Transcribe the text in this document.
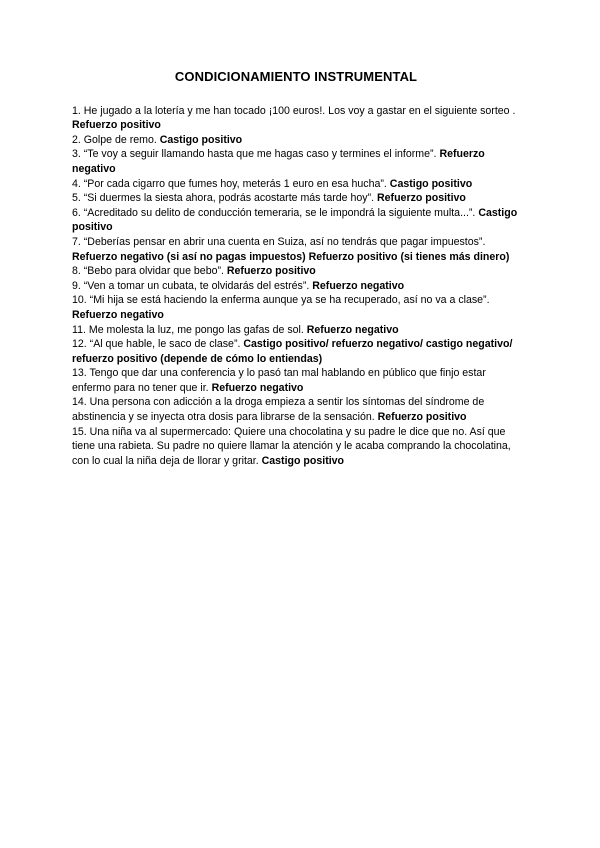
CONDICIONAMIENTO INSTRUMENTAL

1. He jugado a la lotería y me han tocado ¡100 euros!. Los voy a gastar en el siguiente sorteo . Refuerzo positivo

2. Golpe de remo. Castigo positivo

3. “Te voy a seguir llamando hasta que me hagas caso y termines el informe”. Refuerzo negativo

4. “Por cada cigarro que fumes hoy, meterás 1 euro en esa hucha”. Castigo positivo

5. “Si duermes la siesta ahora, podrás acostarte más tarde hoy”. Refuerzo positivo

6. “Acreditado su delito de conducción temeraria, se le impondrá la siguiente multa...”. Castigo positivo

7. “Deberías pensar en abrir una cuenta en Suiza, así no tendrás que pagar impuestos”. Refuerzo negativo (si así no pagas impuestos) Refuerzo positivo (si tienes más dinero)

8. “Bebo para olvidar que bebo”. Refuerzo positivo

9. “Ven a tomar un cubata, te olvidarás del estrés”. Refuerzo negativo

10. “Mi hija se está haciendo la enferma aunque ya se ha recuperado, así no va a clase”. Refuerzo negativo

11. Me molesta la luz, me pongo las gafas de sol. Refuerzo negativo

12. “Al que hable, le saco de clase”. Castigo positivo/ refuerzo negativo/ castigo negativo/ refuerzo positivo (depende de cómo lo entiendas)

13. Tengo que dar una conferencia y lo pasó tan mal hablando en público que finjo estar enfermo para no tener que ir. Refuerzo negativo

14. Una persona con adicción a la droga empieza a sentir los síntomas del síndrome de abstinencia y se inyecta otra dosis para librarse de la sensación. Refuerzo positivo

15. Una niña va al supermercado: Quiere una chocolatina y su padre le dice que no. Así que tiene una rabieta. Su padre no quiere llamar la atención y le acaba comprando la chocolatina, con lo cual la niña deja de llorar y gritar. Castigo positivo
